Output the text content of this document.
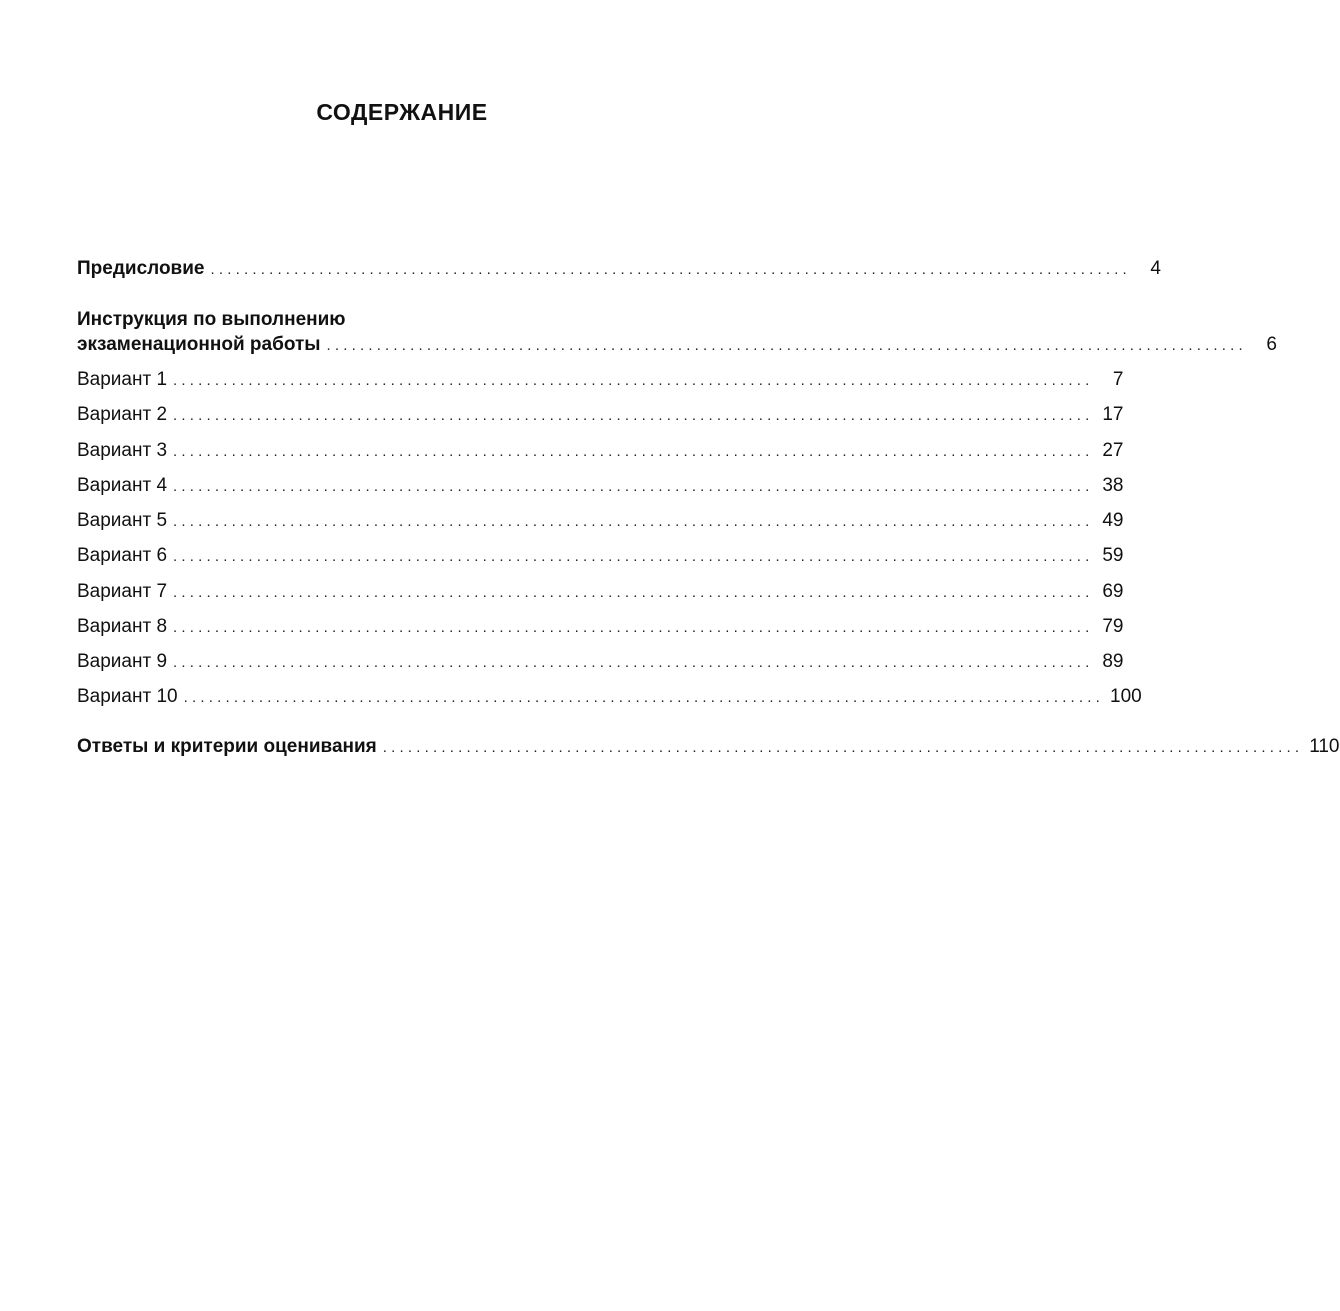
СОДЕРЖАНИЕ
Предисловие ..............................................................................................................	4
Инструкция по выполнению
экзаменационной работы ..............................................................................................................	6
Вариант 1 ..............................................................................................................	7
Вариант 2 .............................................................................................................. 17
Вариант 3 .............................................................................................................. 27
Вариант 4 .............................................................................................................. 38
Вариант 5 .............................................................................................................. 49
Вариант 6 .............................................................................................................. 59
Вариант 7 .............................................................................................................. 69
Вариант 8 .............................................................................................................. 79
Вариант 9 .............................................................................................................. 89
Вариант 10 .............................................................................................................. 100
Ответы и критерии оценивания .............................................................................................................. 110
